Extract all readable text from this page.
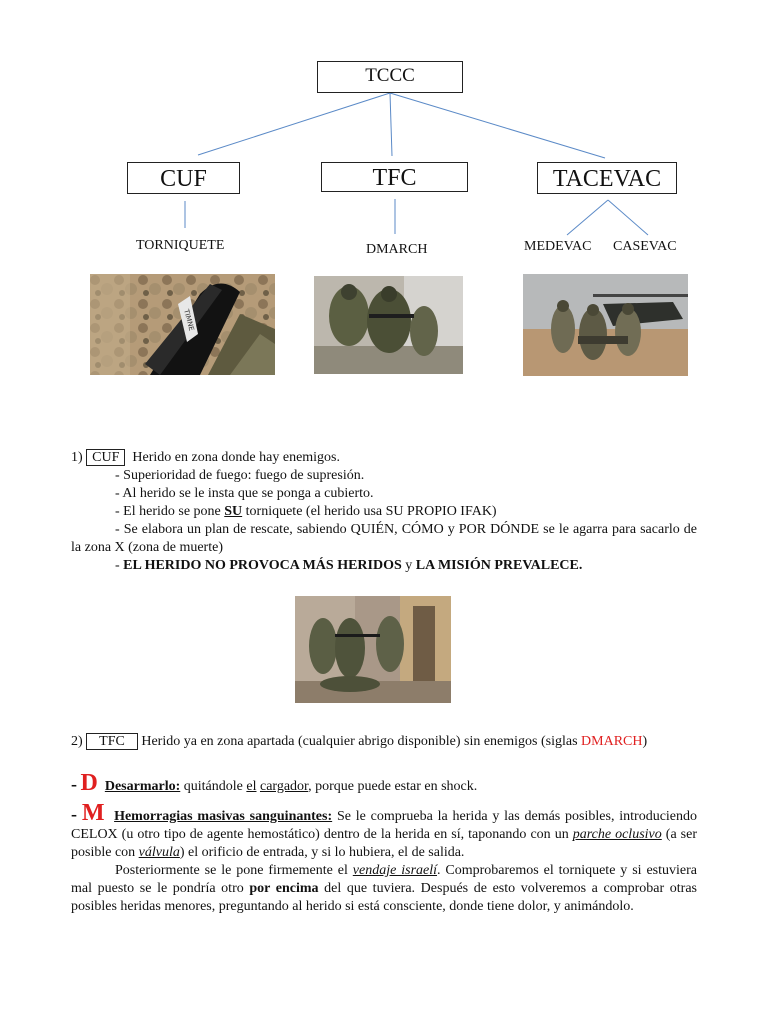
TCCC
CUF	TFC	TACEVAC
TORNIQUETE	DMARCH	MEDEVAC CASEVAC
TIMNE
1) CUF Herido en zona donde hay enemigos.
- Superioridad de fuego: fuego de supresión.
- Al herido se le insta que se ponga a cubierto.
- El herido se pone SU torniquete (el herido usa SU PROPIO IFAK)
- Se elabora un plan de rescate, sabiendo QUIÉN, CÓMO y POR DÓNDE se le agarra para sacarlo de la zona X (zona de muerte)
- EL HERIDO NO PROVOCA MÁS HERIDOS y LA MISIÓN PREVALECE.
2) TFC Herido ya en zona apartada (cualquier abrigo disponible) sin enemigos (siglas DMARCH)
- D Desarmarlo: quitándole el cargador, porque puede estar en shock.
- M Hemorragias masivas sanguinantes: Se le comprueba la herida y las demás posibles, introduciendo CELOX (u otro tipo de agente hemostático) dentro de la herida en sí, taponando con un parche oclusivo (a ser posible con válvula) el orificio de entrada, y si lo hubiera, el de salida.
Posteriormente se le pone firmemente el vendaje israelí. Comprobaremos el torniquete y si estuviera mal puesto se le pondría otro por encima del que tuviera. Después de esto volveremos a comprobar otras posibles heridas menores, preguntando al herido si está consciente, donde tiene dolor, y animándolo.
